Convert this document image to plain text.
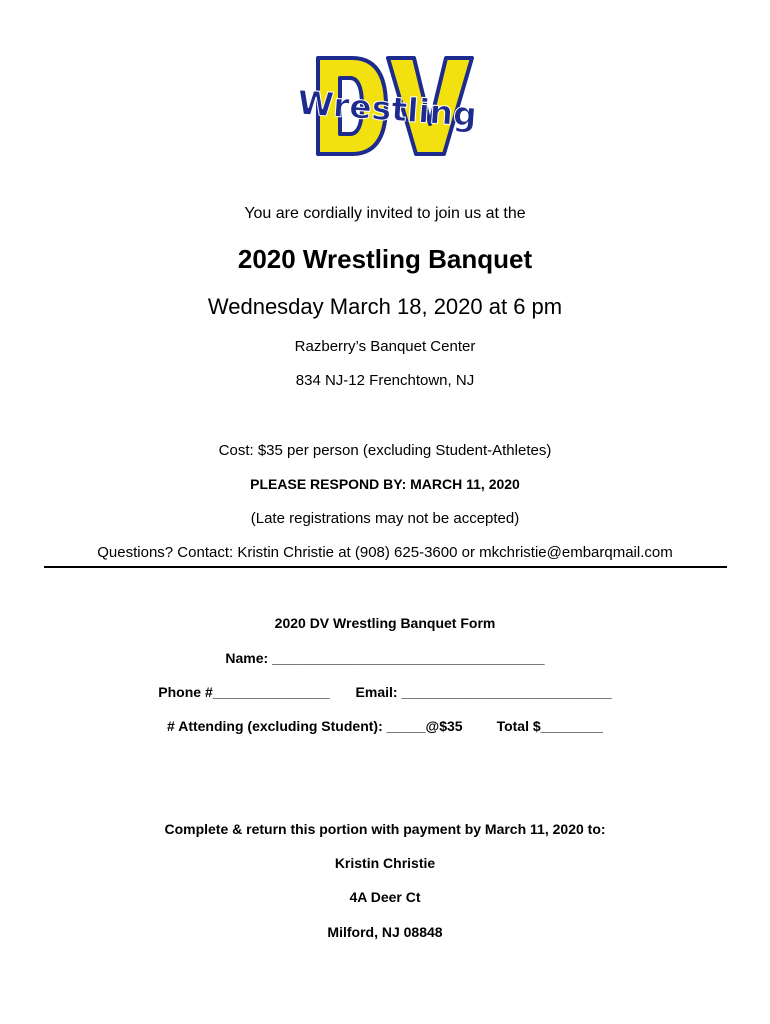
Wrestling
You are cordially invited to join us at the
2020 Wrestling Banquet
Wednesday March 18, 2020 at 6 pm
Razberry’s Banquet Center
834 NJ-12 Frenchtown, NJ
Cost: $35 per person (excluding Student-Athletes)
PLEASE RESPOND BY: MARCH 11, 2020
(Late registrations may not be accepted)
Questions? Contact: Kristin Christie at (908) 625-3600 or mkchristie@embarqmail.com
2020 DV Wrestling Banquet Form
Name: ___________________________________
Phone #_______________ Email: ___________________________
# Attending (excluding Student): _____@$35 Total $________
Complete & return this portion with payment by March 11, 2020 to:
Kristin Christie
4A Deer Ct
Milford, NJ 08848
